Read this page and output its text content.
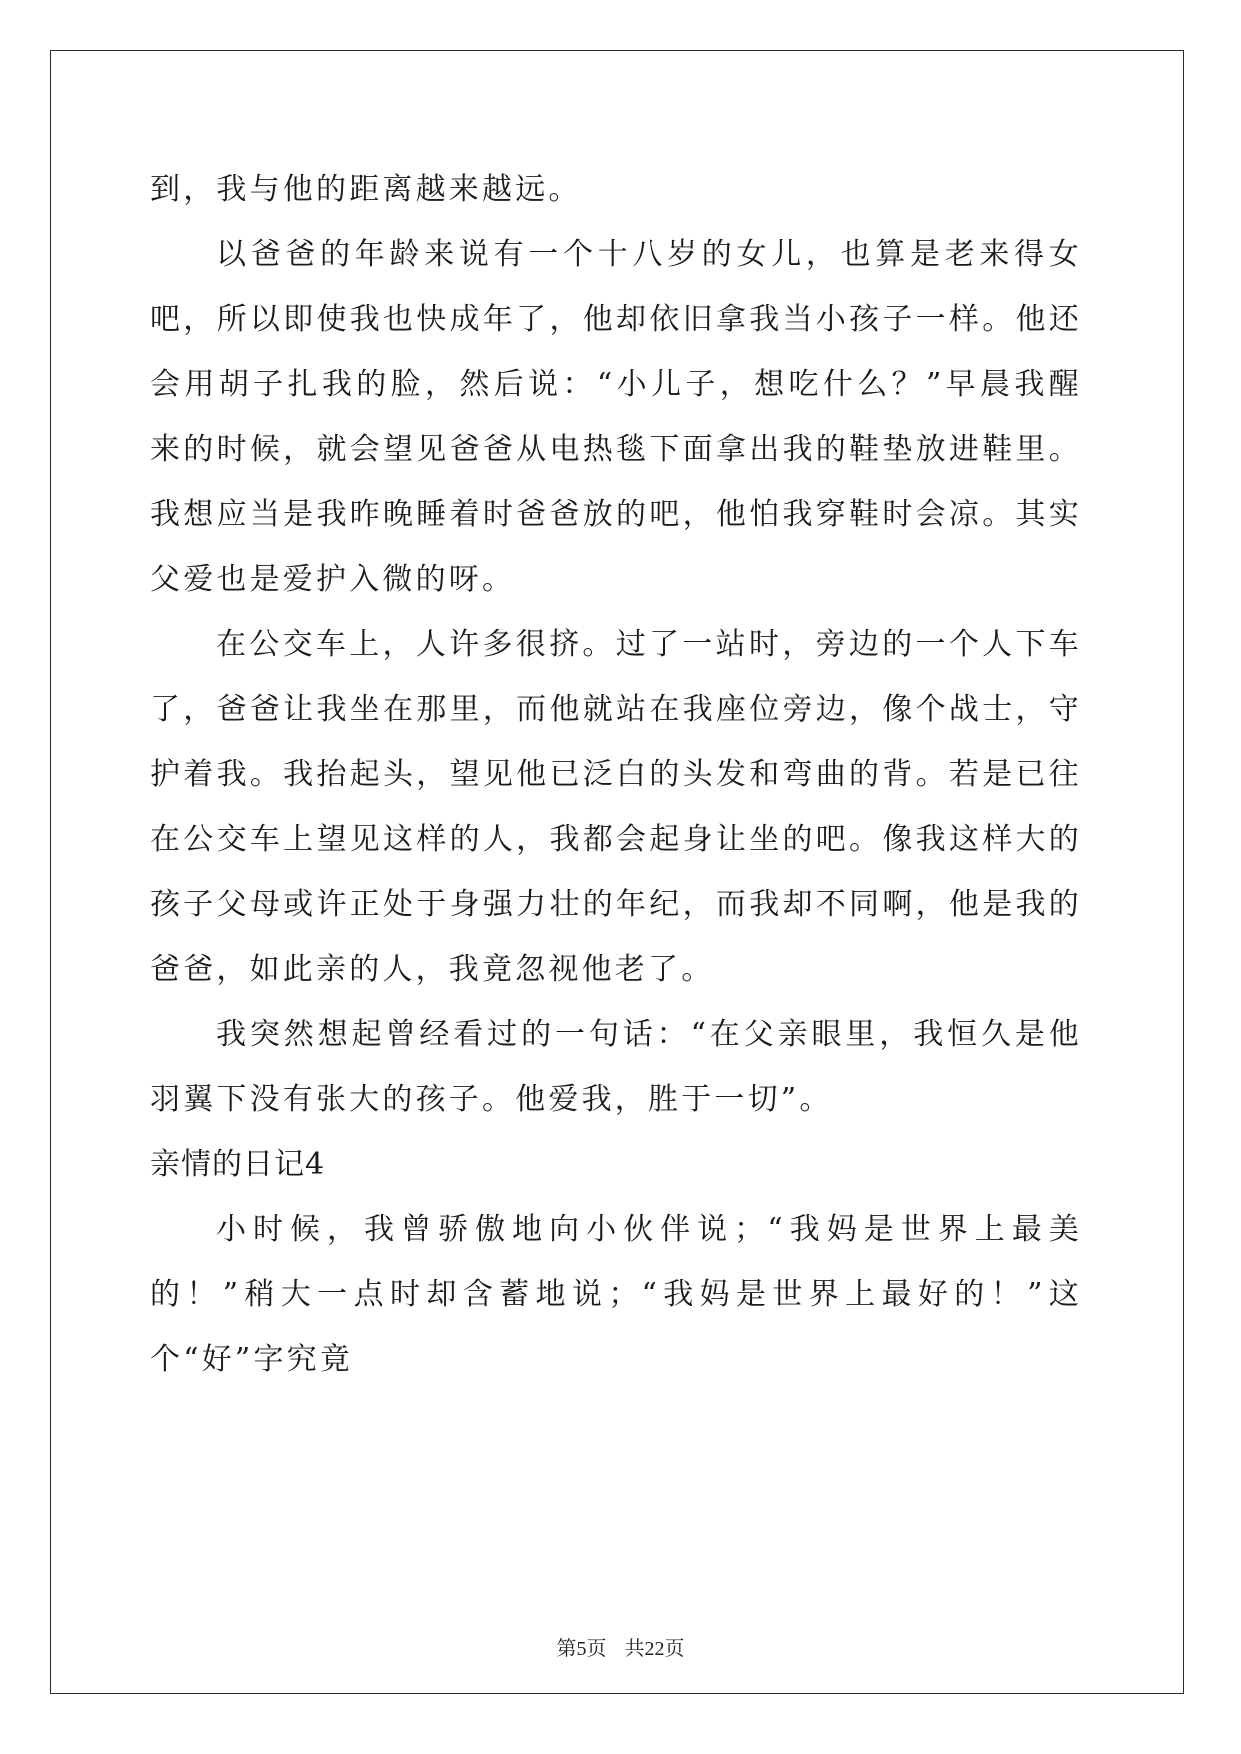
到，我与他的距离越来越远。

以爸爸的年龄来说有一个十八岁的女儿，也算是老来得女吧，所以即使我也快成年了，他却依旧拿我当小孩子一样。他还会用胡子扎我的脸，然后说：“小儿子，想吃什么？”早晨我醒来的时候，就会望见爸爸从电热毯下面拿出我的鞋垫放进鞋里。我想应当是我昨晚睡着时爸爸放的吧，他怕我穿鞋时会凉。其实父爱也是爱护入微的呀。

在公交车上，人许多很挤。过了一站时，旁边的一个人下车了，爸爸让我坐在那里，而他就站在我座位旁边，像个战士，守护着我。我抬起头，望见他已泛白的头发和弯曲的背。若是已往在公交车上望见这样的人，我都会起身让坐的吧。像我这样大的孩子父母或许正处于身强力壮的年纪，而我却不同啊，他是我的爸爸，如此亲的人，我竟忽视他老了。

我突然想起曾经看过的一句话：“在父亲眼里，我恒久是他羽翼下没有张大的孩子。他爱我，胜于一切”。

亲情的日记4

小时候，我曾骄傲地向小伙伴说；“我妈是世界上最美的！”稍大一点时却含蓄地说；“我妈是世界上最好的！”这个“好”字究竟

第5页 共22页
